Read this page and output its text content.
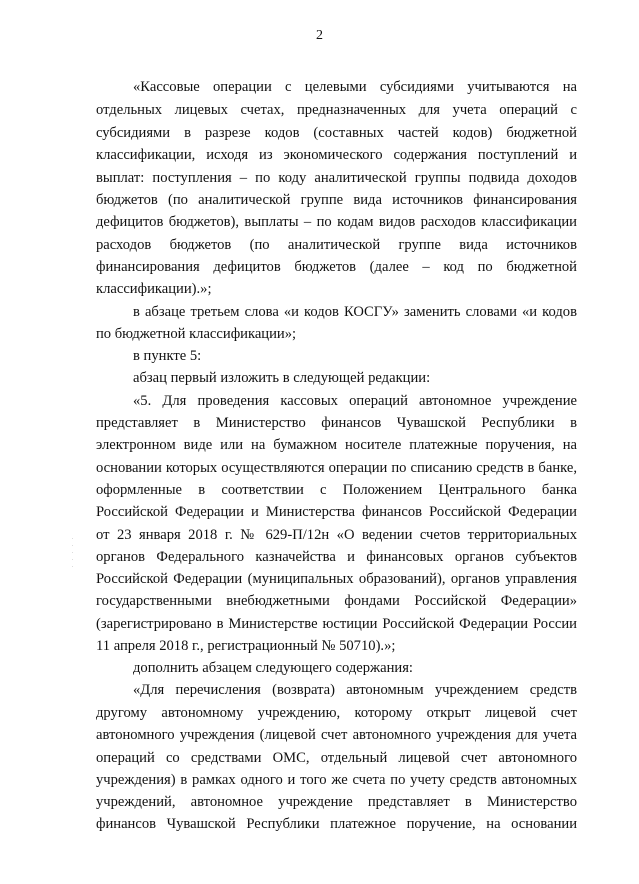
2
«Кассовые операции с целевыми субсидиями учитываются на
отдельных лицевых счетах, предназначенных для учета операций с
субсидиями в разрезе кодов (составных частей кодов) бюджетной
классификации, исходя из экономического содержания поступлений и
выплат: поступления – по коду аналитической группы подвида доходов
бюджетов (по аналитической группе вида источников финансирования
дефицитов бюджетов), выплаты – по кодам видов расходов классификации
расходов бюджетов (по аналитической группе вида источников
финансирования дефицитов бюджетов (далее – код по бюджетной
классификации).»;
в абзаце третьем слова «и кодов КОСГУ» заменить словами «и кодов
по бюджетной классификации»;
в пункте 5:
абзац первый изложить в следующей редакции:
«5. Для проведения кассовых операций автономное учреждение
представляет в Министерство финансов Чувашской Республики в
электронном виде или на бумажном носителе платежные поручения, на
основании которых осуществляются операции по списанию средств в банке,
оформленные в соответствии с Положением Центрального банка
Российской Федерации и Министерства финансов Российской Федерации
от 23 января 2018 г. № 629-П/12н «О ведении счетов территориальных
органов Федерального казначейства и финансовых органов субъектов
Российской Федерации (муниципальных образований), органов управления
государственными внебюджетными фондами Российской Федерации»
(зарегистрировано в Министерстве юстиции Российской Федерации России
11 апреля 2018 г., регистрационный № 50710).»;
дополнить абзацем следующего содержания:
«Для перечисления (возврата) автономным учреждением средств
другому автономному учреждению, которому открыт лицевой счет
автономного учреждения (лицевой счет автономного учреждения для учета
операций со средствами ОМС, отдельный лицевой счет автономного
учреждения) в рамках одного и того же счета по учету средств автономных
учреждений, автономное учреждение представляет в Министерство
финансов Чувашской Республики платежное поручение, на основании
